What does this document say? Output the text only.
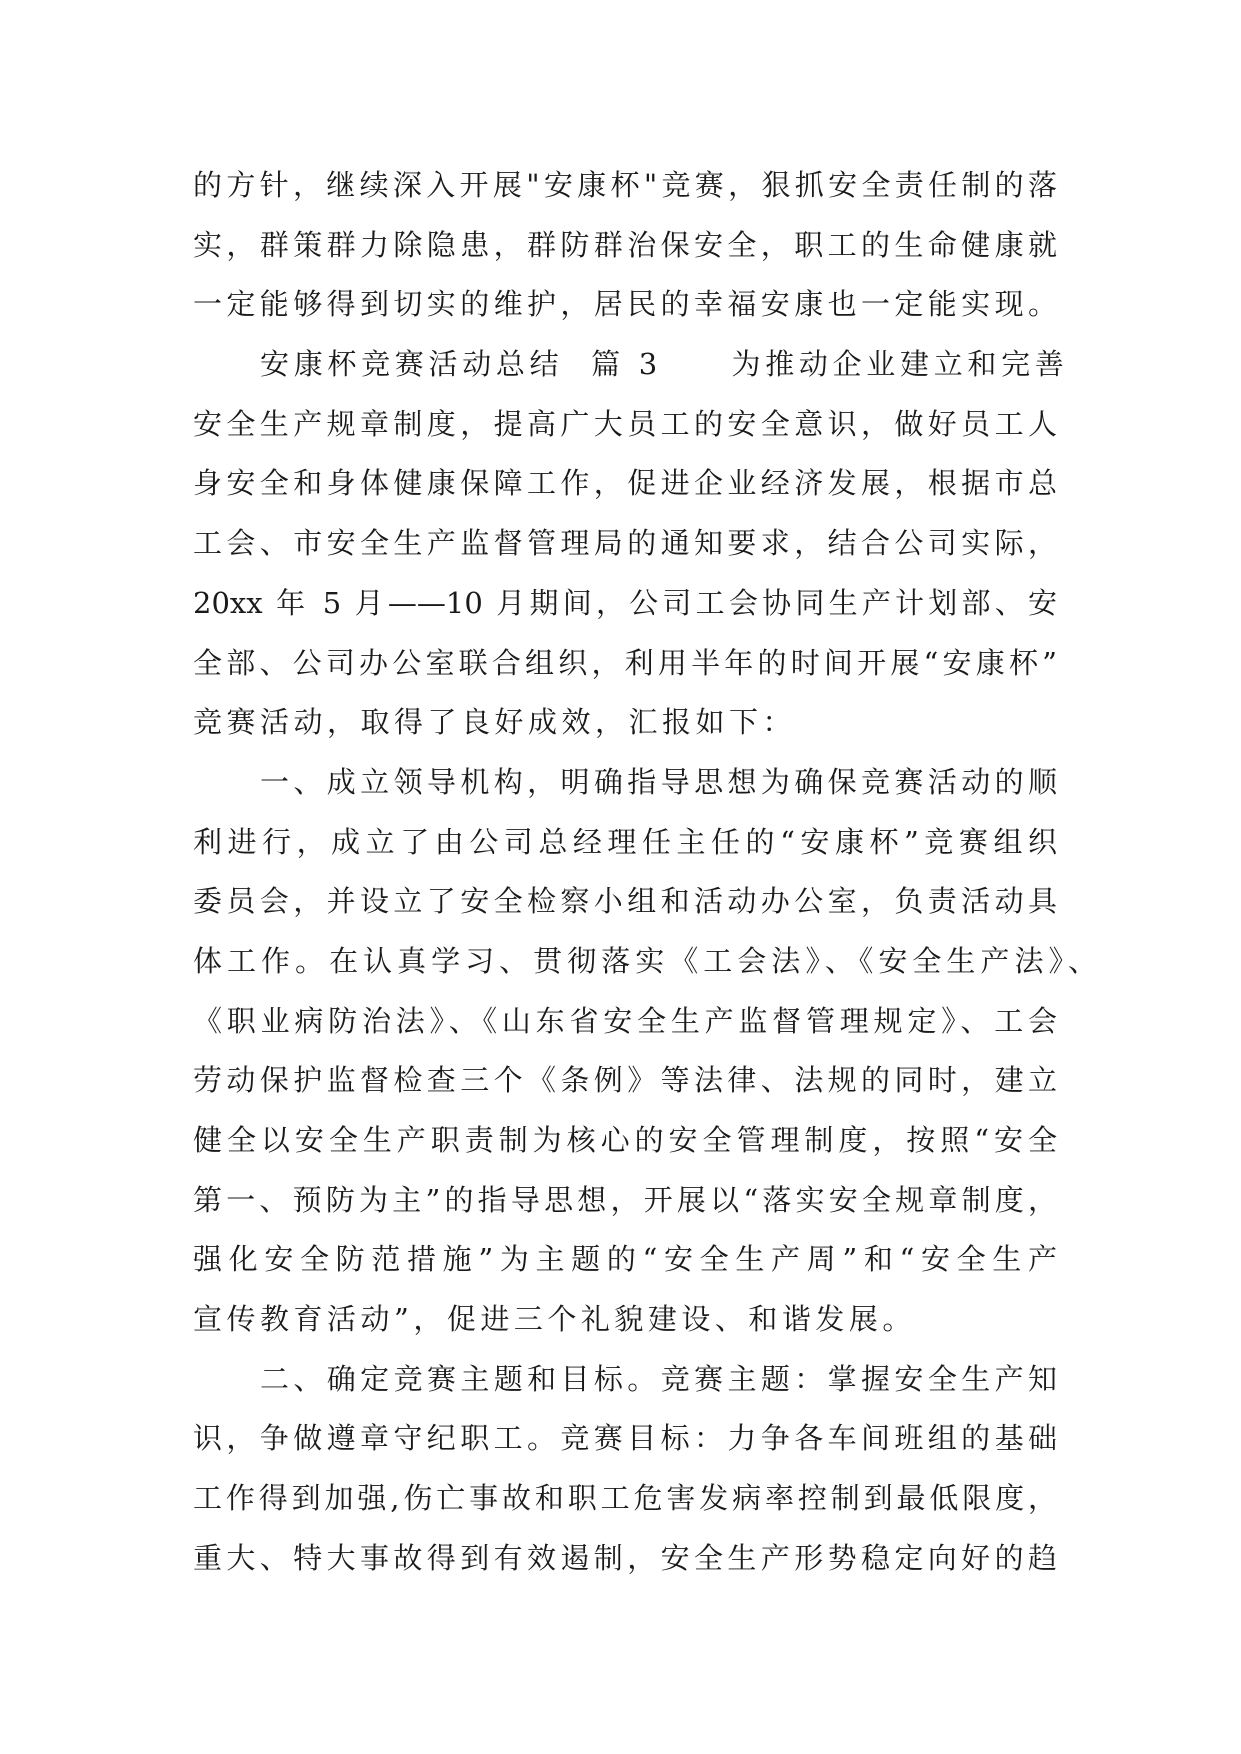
的方针，继续深入开展"安康杯"竞赛，狠抓安全责任制的落
实，群策群力除隐患，群防群治保安全，职工的生命健康就
一定能够得到切实的维护，居民的幸福安康也一定能实现。
安康杯竞赛活动总结  篇 3     为推动企业建立和完善
安全生产规章制度，提高广大员工的安全意识，做好员工人
身安全和身体健康保障工作，促进企业经济发展，根据市总
工会、市安全生产监督管理局的通知要求，结合公司实际，
20xx 年 5 月——10 月期间，公司工会协同生产计划部、安
全部、公司办公室联合组织，利用半年的时间开展“安康杯”
竞赛活动，取得了良好成效，汇报如下：
一、成立领导机构，明确指导思想为确保竞赛活动的顺
利进行，成立了由公司总经理任主任的“安康杯”竞赛组织
委员会，并设立了安全检察小组和活动办公室，负责活动具
体工作。在认真学习、贯彻落实《工会法》、《安全生产法》、
《职业病防治法》、《山东省安全生产监督管理规定》、工会
劳动保护监督检查三个《条例》等法律、法规的同时，建立
健全以安全生产职责制为核心的安全管理制度，按照“安全
第一、预防为主”的指导思想，开展以“落实安全规章制度，
强化安全防范措施”为主题的“安全生产周”和“安全生产
宣传教育活动”，促进三个礼貌建设、和谐发展。
二、确定竞赛主题和目标。竞赛主题：掌握安全生产知
识，争做遵章守纪职工。竞赛目标：力争各车间班组的基础
工作得到加强,伤亡事故和职工危害发病率控制到最低限度，
重大、特大事故得到有效遏制，安全生产形势稳定向好的趋
